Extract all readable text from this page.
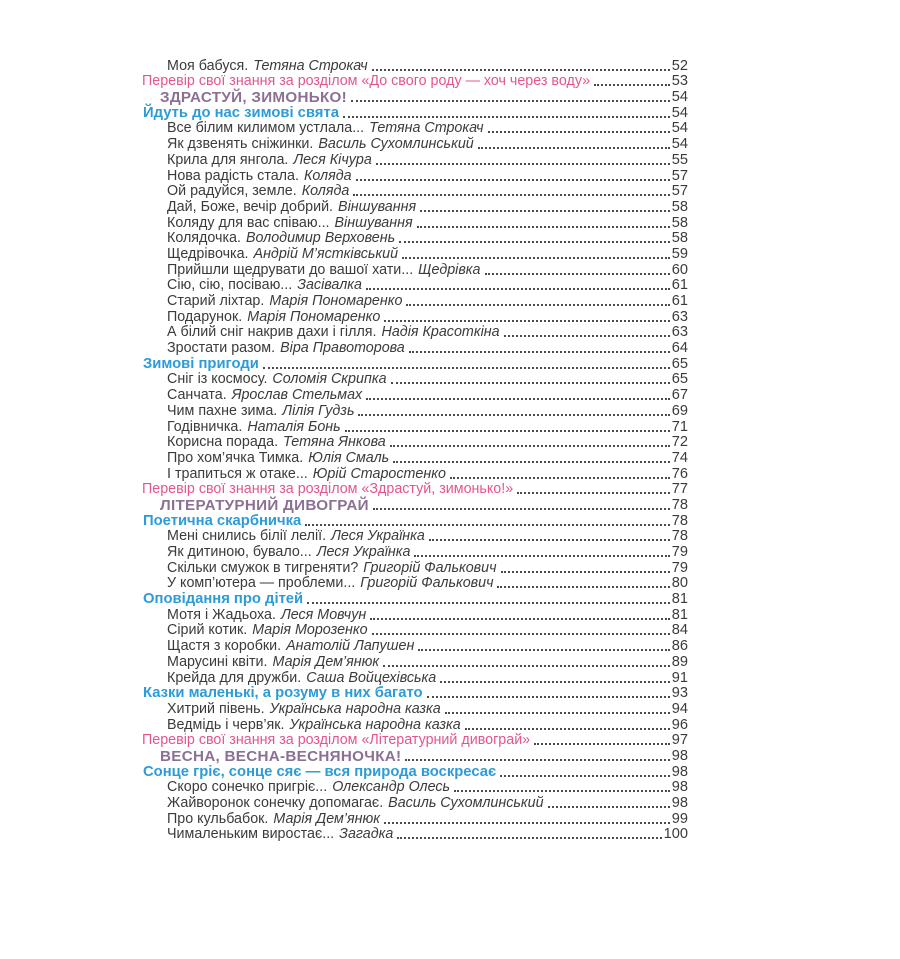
Моя бабуся. Тетяна Строкач	52
Перевір свої знання за розділом «До свого роду — хоч через воду»	53
ЗДРАСТУЙ, ЗИМОНЬКО!	54
Йдуть до нас зимові свята	54
Все білим килимом устлала... Тетяна Строкач	54
Як дзвенять сніжинки. Василь Сухомлинський	54
Крила для янгола. Леся Кічура	55
Нова радість стала. Коляда	57
Ой радуйся, земле. Коляда	57
Дай, Боже, вечір добрий. Віншування	58
Коляду для вас співаю... Віншування	58
Колядочка. Володимир Верховень	58
Щедрівочка. Андрій М’ястківський	59
Прийшли щедрувати до вашої хати... Щедрівка	60
Сію, сію, посіваю... Засівалка	61
Старий ліхтар. Марія Пономаренко	61
Подарунок. Марія Пономаренко	63
А білий сніг накрив дахи і гілля. Надія Красоткіна	63
Зростати разом. Віра Правоторова	64
Зимові пригоди	65
Сніг із космосу. Соломія Скрипка	65
Санчата. Ярослав Стельмах	67
Чим пахне зима. Лілія Гудзь	69
Годівничка. Наталія Бонь	71
Корисна порада. Тетяна Янкова	72
Про хом’ячка Тимка. Юлія Смаль	74
І трапиться ж отаке... Юрій Старостенко	76
Перевір свої знання за розділом «Здрастуй, зимонько!»	77
ЛІТЕРАТУРНИЙ ДИВОГРАЙ	78
Поетична скарбничка	78
Мені снились білії лелії. Леся Українка	78
Як дитиною, бувало... Леся Українка	79
Скільки смужок в тигреняти? Григорій Фалькович	79
У комп’ютера — проблеми... Григорій Фалькович	80
Оповідання про дітей	81
Мотя і Жадьоха. Леся Мовчун	81
Сірий котик. Марія Морозенко	84
Щастя з коробки. Анатолій Лапушен	86
Марусині квіти. Марія Дем’янюк	89
Крейда для дружби. Саша Войцехівська	91
Казки маленькі, а розуму в них багато	93
Хитрий півень. Українська народна казка	94
Ведмідь і черв’як. Українська народна казка	96
Перевір свої знання за розділом «Літературний дивограй»	97
ВЕСНА, ВЕСНА-ВЕСНЯНОЧКА!	98
Сонце гріє, сонце сяє — вся природа воскресає	98
Скоро сонечко пригріє... Олександр Олесь	98
Жайворонок сонечку допомагає. Василь Сухомлинський	98
Про кульбабок. Марія Дем’янюк	99
Чималеньким виростає... Загадка	100
